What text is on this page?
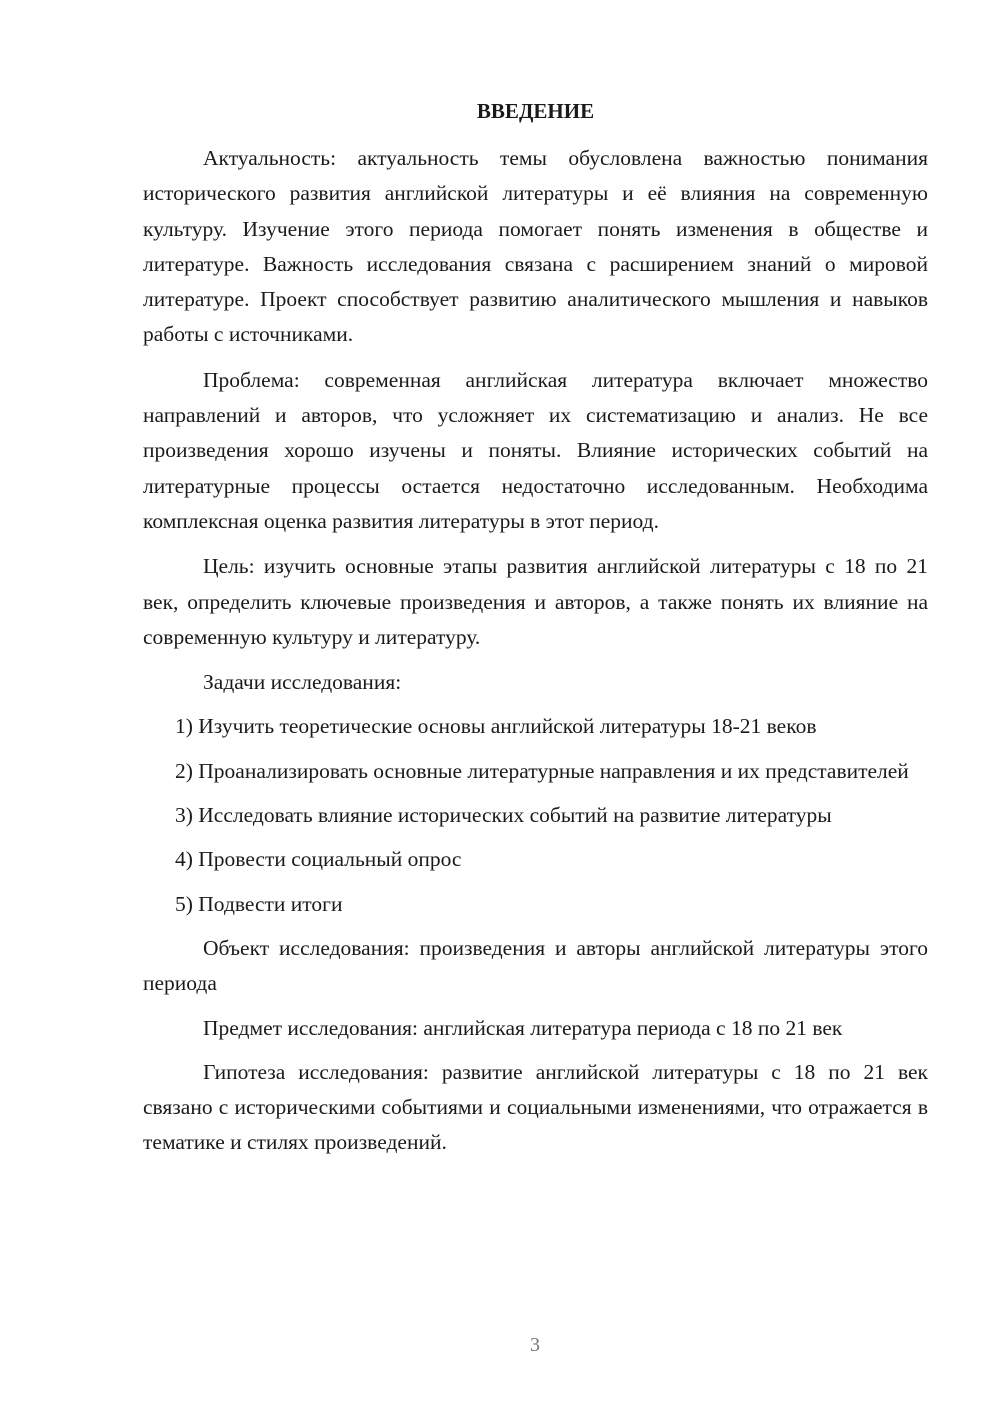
ВВЕДЕНИЕ

Актуальность: актуальность темы обусловлена важностью понимания исторического развития английской литературы и её влияния на современную культуру. Изучение этого периода помогает понять изменения в обществе и литературе. Важность исследования связана с расширением знаний о мировой литературе. Проект способствует развитию аналитического мышления и навыков работы с источниками.

Проблема: современная английская литература включает множество направлений и авторов, что усложняет их систематизацию и анализ. Не все произведения хорошо изучены и поняты. Влияние исторических событий на литературные процессы остается недостаточно исследованным. Необходима комплексная оценка развития литературы в этот период.

Цель: изучить основные этапы развития английской литературы с 18 по 21 век, определить ключевые произведения и авторов, а также понять их влияние на современную культуру и литературу.

Задачи исследования:

1) Изучить теоретические основы английской литературы 18-21 веков

2) Проанализировать основные литературные направления и их представителей

3) Исследовать влияние исторических событий на развитие литературы

4) Провести социальный опрос

5) Подвести итоги

Объект исследования: произведения и авторы английской литературы этого периода

Предмет исследования: английская литература периода с 18 по 21 век

Гипотеза исследования: развитие английской литературы с 18 по 21 век связано с историческими событиями и социальными изменениями, что отражается в тематике и стилях произведений.

3
